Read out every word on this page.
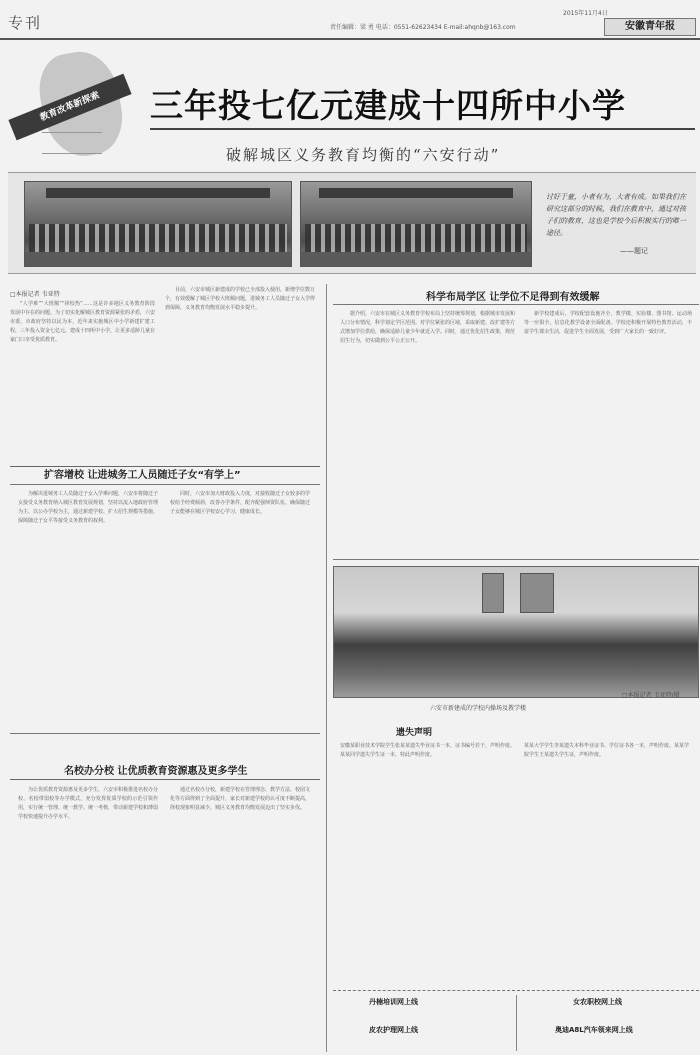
专刊	责任编辑：梁 勇 电话：0551-62623434 E-mail:ahqnb@163.com
2015年11月4日
安徽青年报
教育改革新探索	三年投七亿元建成十四所中小学
破解城区义务教育均衡的“六安行动”
讨好于童，小者有为，大者有成。如果我们在研究这部分的时候，我们在教育中，通过对孩子们的教育，这也是学校今后积极实行的唯一途径。
——题记
□本报记者 韦亚特

“人学难”“大班额”“择校热”……这是许多地区义务教育阶段发展中存在的问题。为了切实化解城区教育资源紧张的矛盾，六安市委、市政府坚持以民为本，近年来实施城区中小学新建扩建工程，三年投入资金七亿元，建成十四所中小学，让更多适龄儿童在家门口享受优质教育。

目前，六安市城区新建成的学校已全部投入使用，新增学位数万个，有效缓解了城区学校大班额问题，进城务工人员随迁子女入学得到保障，义务教育均衡发展水平稳步提升。

扩容增校 让进城务工人员随迁子女“有学上”

为解决进城务工人员随迁子女入学难问题，六安市将随迁子女接受义务教育纳入城区教育发展规划，坚持以流入地政府管理为主、以公办学校为主，通过新建学校、扩大招生规模等措施，保障随迁子女平等接受义务教育的权利。

同时，六安市加大财政投入力度，对接收随迁子女较多的学校给予经费倾斜，改善办学条件，配齐配强师资队伍，确保随迁子女能够在城区学校安心学习、健康成长。

名校办分校 让优质教育资源惠及更多学生

为让优质教育资源惠及更多学生，六安市积极推进名校办分校、名校带弱校等办学模式，充分发挥优质学校的示范引领作用，实行统一管理、统一教学、统一考核，带动新建学校和薄弱学校快速提升办学水平。

通过名校办分校，新建学校在管理理念、教学方法、校园文化等方面得到了全面提升，家长对新建学校的认可度不断提高，择校现象明显减少，城区义务教育均衡发展迈出了坚实步伐。

科学布局学区 让学位不足得到有效缓解

据介绍，六安市在城区义务教育学校布局上坚持统筹规划，根据城市发展和人口分布情况，科学划定学区范围。对学位紧张的区域，采取新建、改扩建等方式增加学位供给，确保适龄儿童少年就近入学。同时，通过优化招生政策，规范招生行为，切实做到公平公正公开。

新学校建成后，学校配套设施齐全，教学楼、实验楼、图书馆、运动场等一应俱全，信息化教学设备全面配备。学校还积极开展特色教育活动，丰富学生课余生活，促进学生全面发展，受到广大家长的一致好评。

六安市新建成的学校内操场及教学楼
□本报记者 韦亚特/摄
遗失声明

安徽某职业技术学院学生张某某遗失毕业证书一本，证书编号若干，声明作废。某某同学遗失学生证一本，特此声明作废。

某某大学学生李某遗失本科毕业证书、学位证书各一本，声明作废。某某学院学生王某遗失学生证，声明作废。

丹楠培训网上线
皮农护理网上线
女农职校网上线
奥迪A8L汽车领来网上线
